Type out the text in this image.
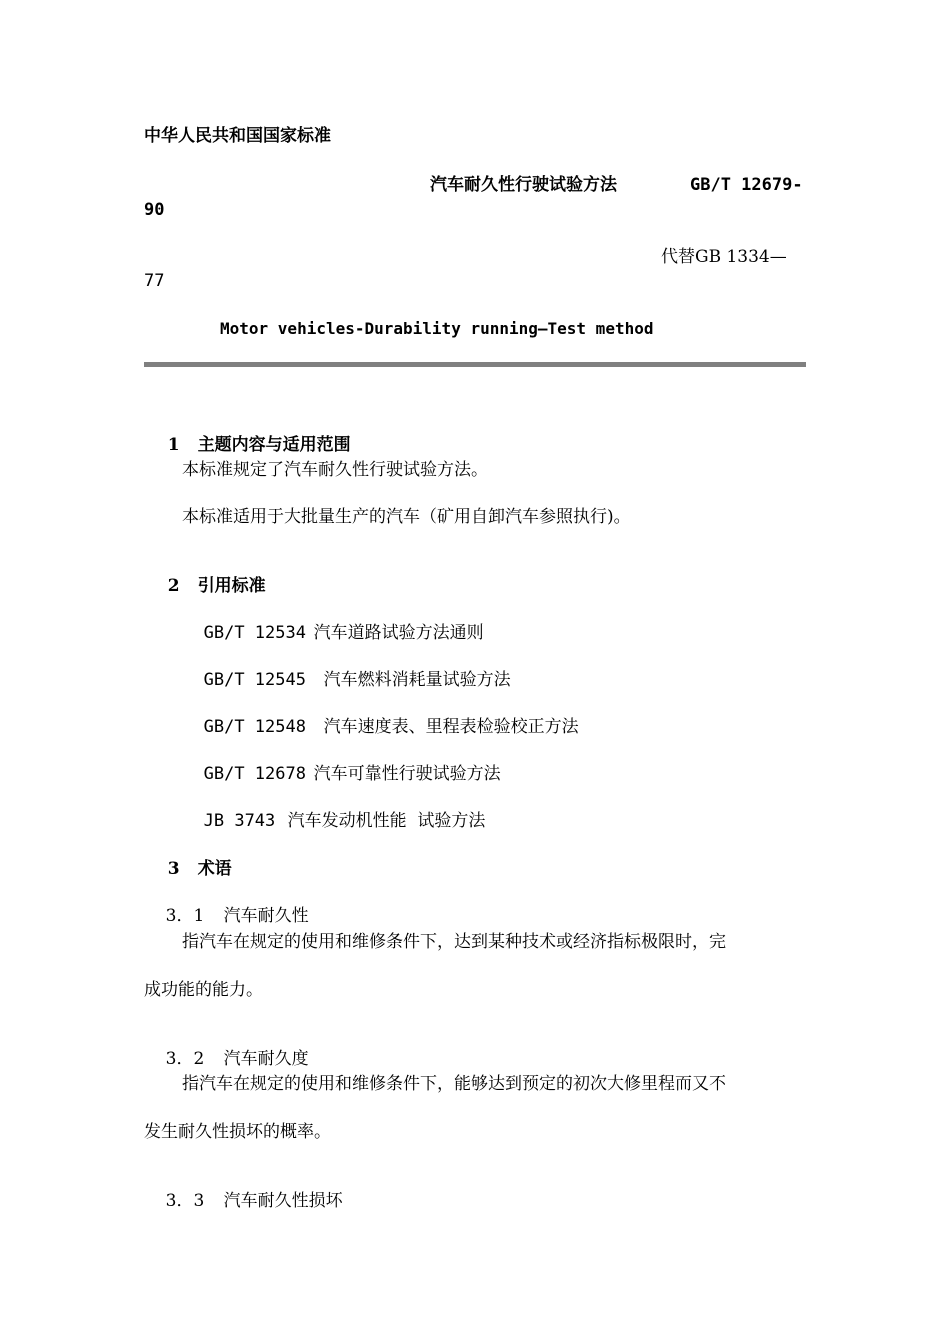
中华人民共和国国家标准
汽车耐久性行驶试验方法	GB/T 12679-
90
代替GB 1334—
77
Motor vehicles-Durability running—Test method

1 主题内容与适用范围

本标准规定了汽车耐久性行驶试验方法。
本标准适用于大批量生产的汽车（矿用自卸汽车参照执行)。

2 引用标准

GB/T 12534 汽车道路试验方法通则

GB/T 12545 汽车燃料消耗量试验方法

GB/T 12548 汽车速度表、里程表检验校正方法

GB/T 12678 汽车可靠性行驶试验方法

JB 3743 汽车发动机性能  试验方法

3 术语

3．1 汽车耐久性

指汽车在规定的使用和维修条件下，达到某种技术或经济指标极限时，完
成功能的能力。

3．2 汽车耐久度

指汽车在规定的使用和维修条件下，能够达到预定的初次大修里程而又不
发生耐久性损坏的概率。

3．3 汽车耐久性损坏
